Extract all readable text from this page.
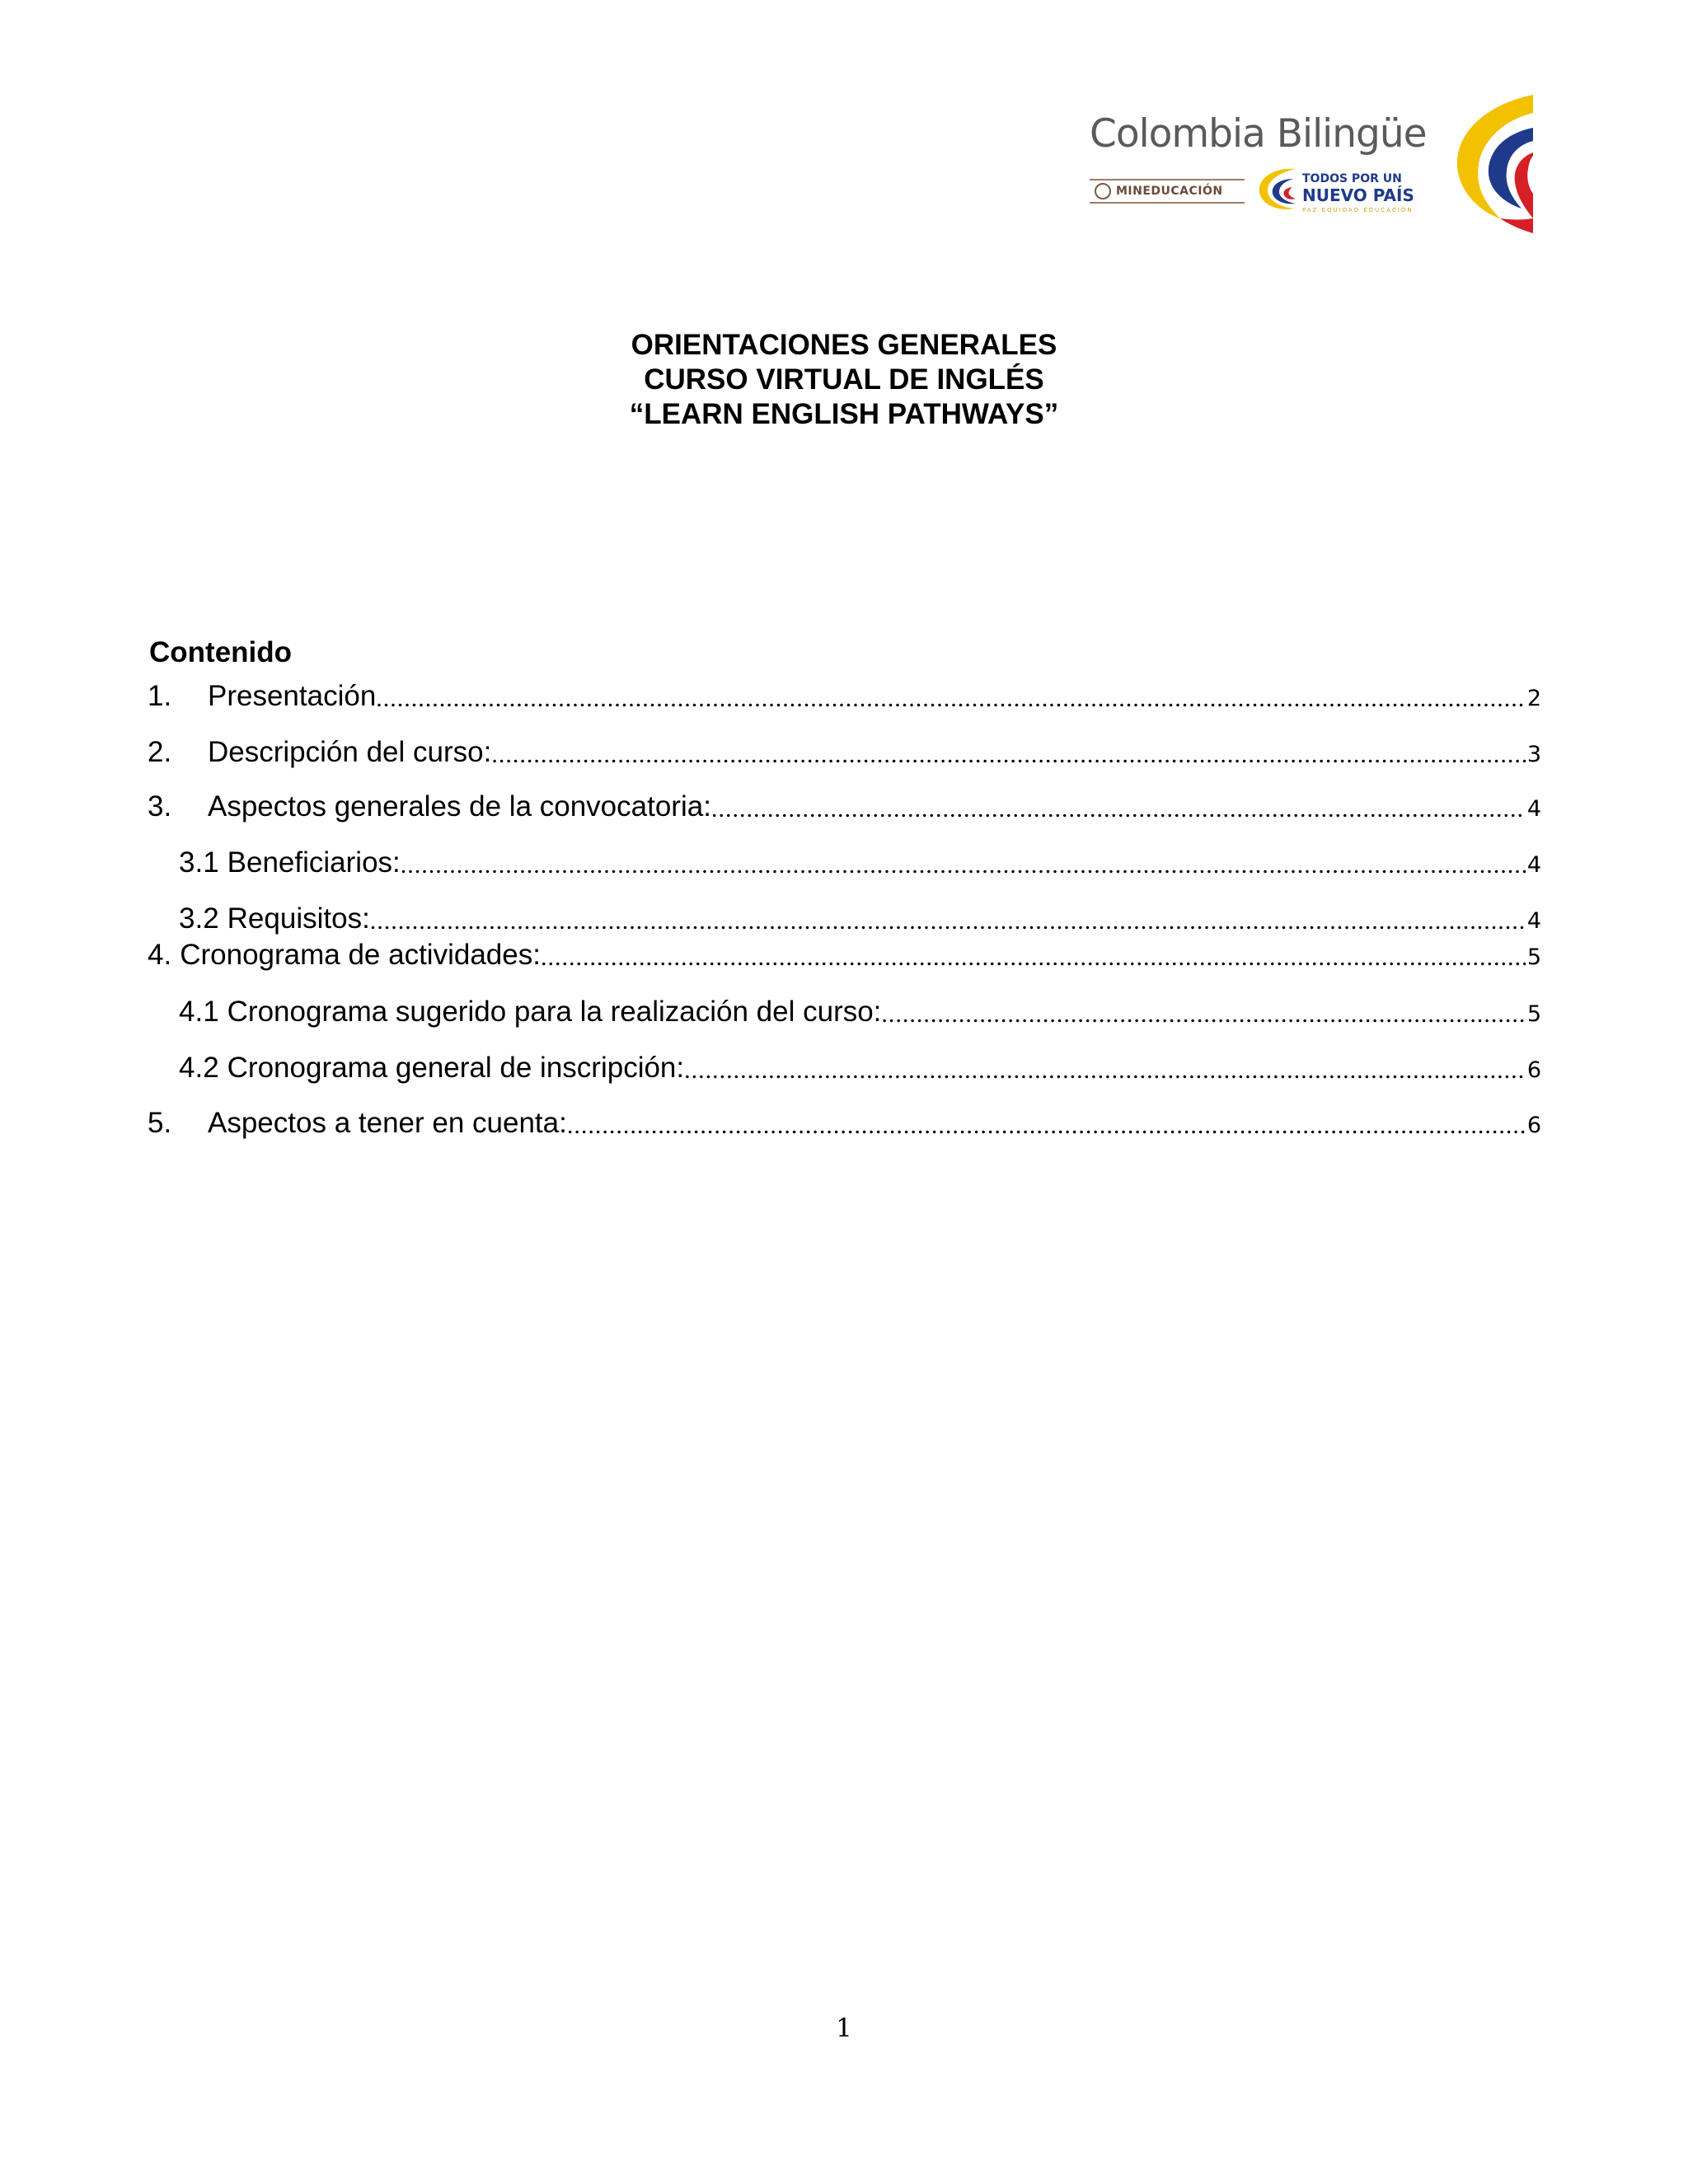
Colombia Bilingüe
MINEDUCACIÓN
TODOS POR UN
NUEVO PAÍS
PAZ EQUIDAD EDUCACIÓN
ORIENTACIONES GENERALES
CURSO VIRTUAL DE INGLÉS
“LEARN ENGLISH PATHWAYS”
Contenido
1.	Presentación .....	2
2.	Descripción del curso: .....	3
3.	Aspectos generales de la convocatoria: .....	4
3.1 Beneficiarios: .....	4
3.2 Requisitos: .....	4
4. Cronograma de actividades: .....	5
4.1 Cronograma sugerido para la realización del curso: .....	5
4.2 Cronograma general de inscripción: .....	6
5.	Aspectos a tener en cuenta: .....	6
1
